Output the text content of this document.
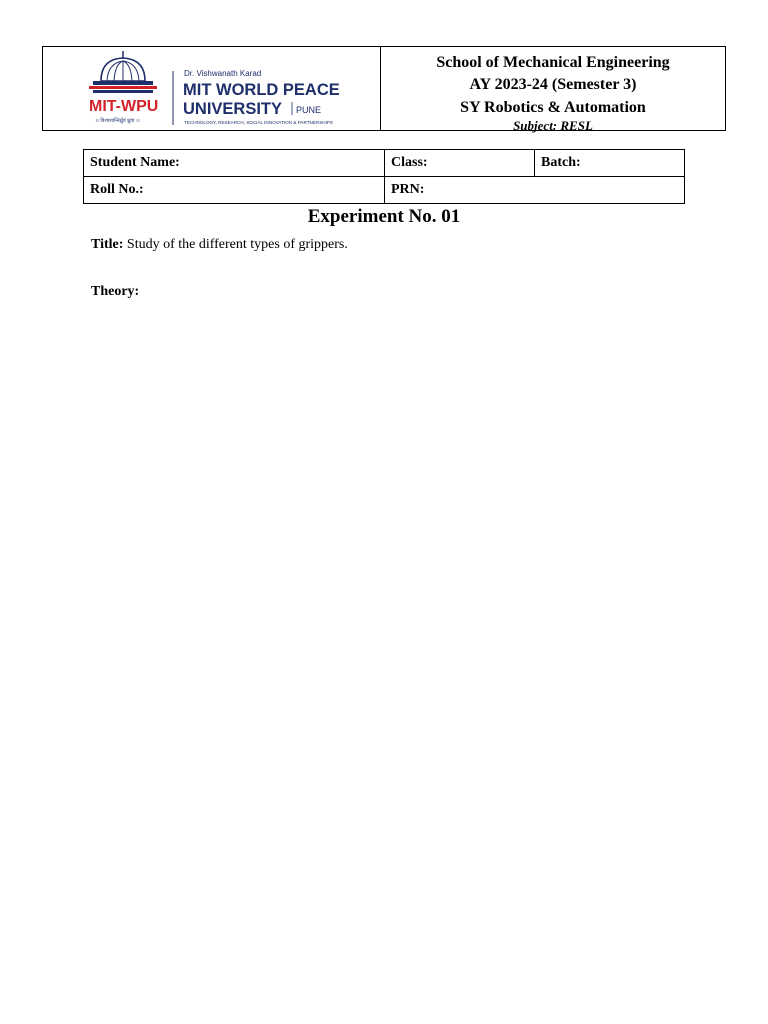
MIT-WPU
।। विश्वशान्तिर्ध्रुवं ध्रुवा ।।
Dr. Vishwanath Karad
MIT WORLD PEACE
UNIVERSITY PUNE
TECHNOLOGY, RESEARCH, SOCIAL INNOVATION & PARTNERSHIPS
School of Mechanical Engineering
AY 2023-24 (Semester 3)
SY Robotics & Automation
Subject: RESL
Student Name:	Class:	Batch:
Roll No.:	PRN:	
Experiment No. 01
Title: Study of the different types of grippers.
Theory:
